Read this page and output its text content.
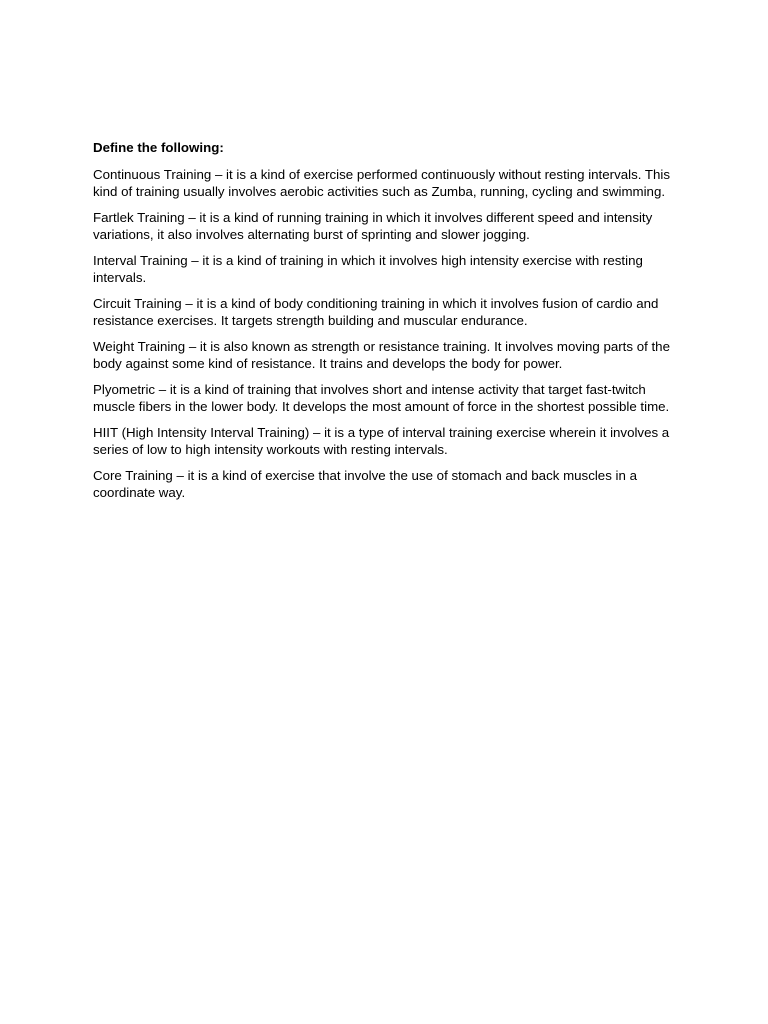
Define the following:

Continuous Training – it is a kind of exercise performed continuously without resting intervals. This kind of training usually involves aerobic activities such as Zumba, running, cycling and swimming.

Fartlek Training – it is a kind of running training in which it involves different speed and intensity variations, it also involves alternating burst of sprinting and slower jogging.

Interval Training – it is a kind of training in which it involves high intensity exercise with resting intervals.

Circuit Training – it is a kind of body conditioning training in which it involves fusion of cardio and resistance exercises. It targets strength building and muscular endurance.

Weight Training – it is also known as strength or resistance training. It involves moving parts of the body against some kind of resistance. It trains and develops the body for power.

Plyometric – it is a kind of training that involves short and intense activity that target fast-twitch muscle fibers in the lower body. It develops the most amount of force in the shortest possible time.

HIIT (High Intensity Interval Training) – it is a type of interval training exercise wherein it involves a series of low to high intensity workouts with resting intervals.

Core Training – it is a kind of exercise that involve the use of stomach and back muscles in a coordinate way.
